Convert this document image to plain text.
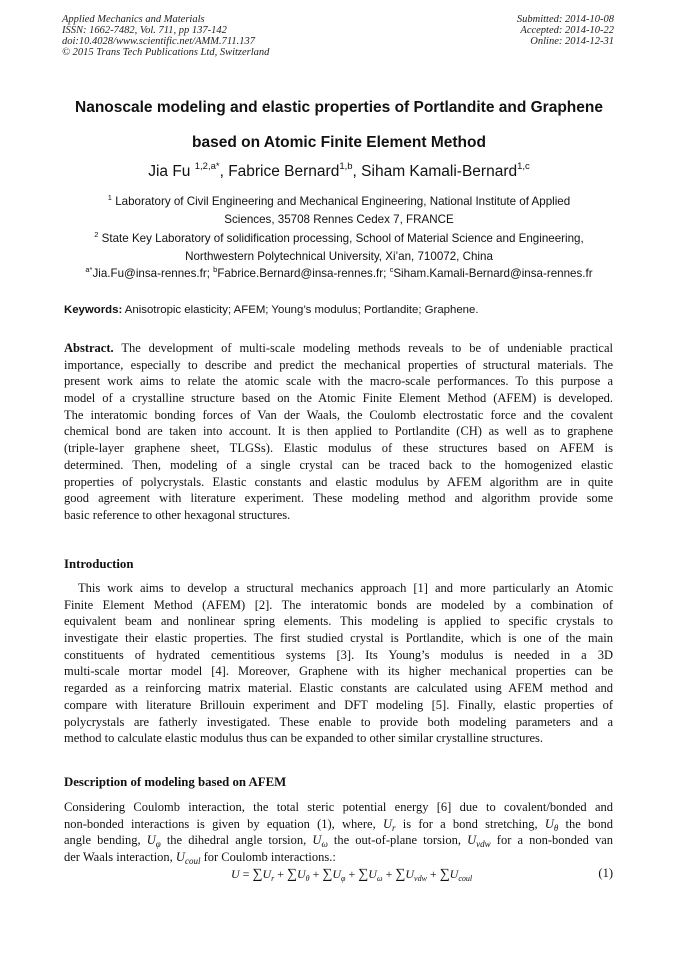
Applied Mechanics and Materials
ISSN: 1662-7482, Vol. 711, pp 137-142
doi:10.4028/www.scientific.net/AMM.711.137
© 2015 Trans Tech Publications Ltd, Switzerland
Submitted: 2014-10-08
Accepted: 2014-10-22
Online: 2014-12-31
Nanoscale modeling and elastic properties of Portlandite and Graphene
based on Atomic Finite Element Method
Jia Fu $^{1,2,a*}$, Fabrice Bernard$^{1,b}$, Siham Kamali-Bernard$^{1,c}$
$^1$ Laboratory of Civil Engineering and Mechanical Engineering, National Institute of Applied
Sciences, 35708 Rennes Cedex 7, FRANCE
$^2$ State Key Laboratory of solidification processing, School of Material Science and Engineering,
Northwestern Polytechnical University, Xi’an, 710072, China
$^{a*}$Jia.Fu@insa-rennes.fr; $^b$Fabrice.Bernard@insa-rennes.fr; $^c$Siham.Kamali-Bernard@insa-rennes.fr
Keywords: Anisotropic elasticity; AFEM; Young’s modulus; Portlandite; Graphene.
Abstract. The development of multi-scale modeling methods reveals to be of undeniable practical
importance, especially to describe and predict the mechanical properties of structural materials. The
present work aims to relate the atomic scale with the macro-scale performances. To this purpose a
model of a crystalline structure based on the Atomic Finite Element Method (AFEM) is developed.
The interatomic bonding forces of Van der Waals, the Coulomb electrostatic force and the covalent
chemical bond are taken into account. It is then applied to Portlandite (CH) as well as to graphene
(triple-layer graphene sheet, TLGSs). Elastic modulus of these structures based on AFEM is
determined. Then, modeling of a single crystal can be traced back to the homogenized elastic
properties of polycrystals. Elastic constants and elastic modulus by AFEM algorithm are in quite
good agreement with literature experiment. These modeling method and algorithm provide some
basic reference to other hexagonal structures.
Introduction
This work aims to develop a structural mechanics approach [1] and more particularly an Atomic
Finite Element Method (AFEM) [2]. The interatomic bonds are modeled by a combination of
equivalent beam and nonlinear spring elements. This modeling is applied to specific crystals to
investigate their elastic properties. The first studied crystal is Portlandite, which is one of the main
constituents of hydrated cementitious systems [3]. Its Young’s modulus is needed in a 3D
multi-scale mortar model [4]. Moreover, Graphene with its higher mechanical properties can be
regarded as a reinforcing matrix material. Elastic constants are calculated using AFEM method and
compare with literature Brillouin experiment and DFT modeling [5]. Finally, elastic properties of
polycrystals are fatherly investigated. These enable to provide both modeling parameters and a
method to calculate elastic modulus thus can be expanded to other similar crystalline structures.
Description of modeling based on AFEM
Considering Coulomb interaction, the total steric potential energy [6] due to covalent/bonded and
non-bonded interactions is given by equation (1), where, $U_r$ is for a bond stretching, $U_\theta$ the bond
angle bending, $U_\varphi$ the dihedral angle torsion, $U_\omega$ the out-of-plane torsion, $U_{vdw}$ for a non-bonded van
der Waals interaction, $U_{coul}$ for Coulomb interactions.:
$U = \sum U_r + \sum U_\theta + \sum U_\varphi + \sum U_\omega + \sum U_{vdw} + \sum U_{coul}$	(1)
